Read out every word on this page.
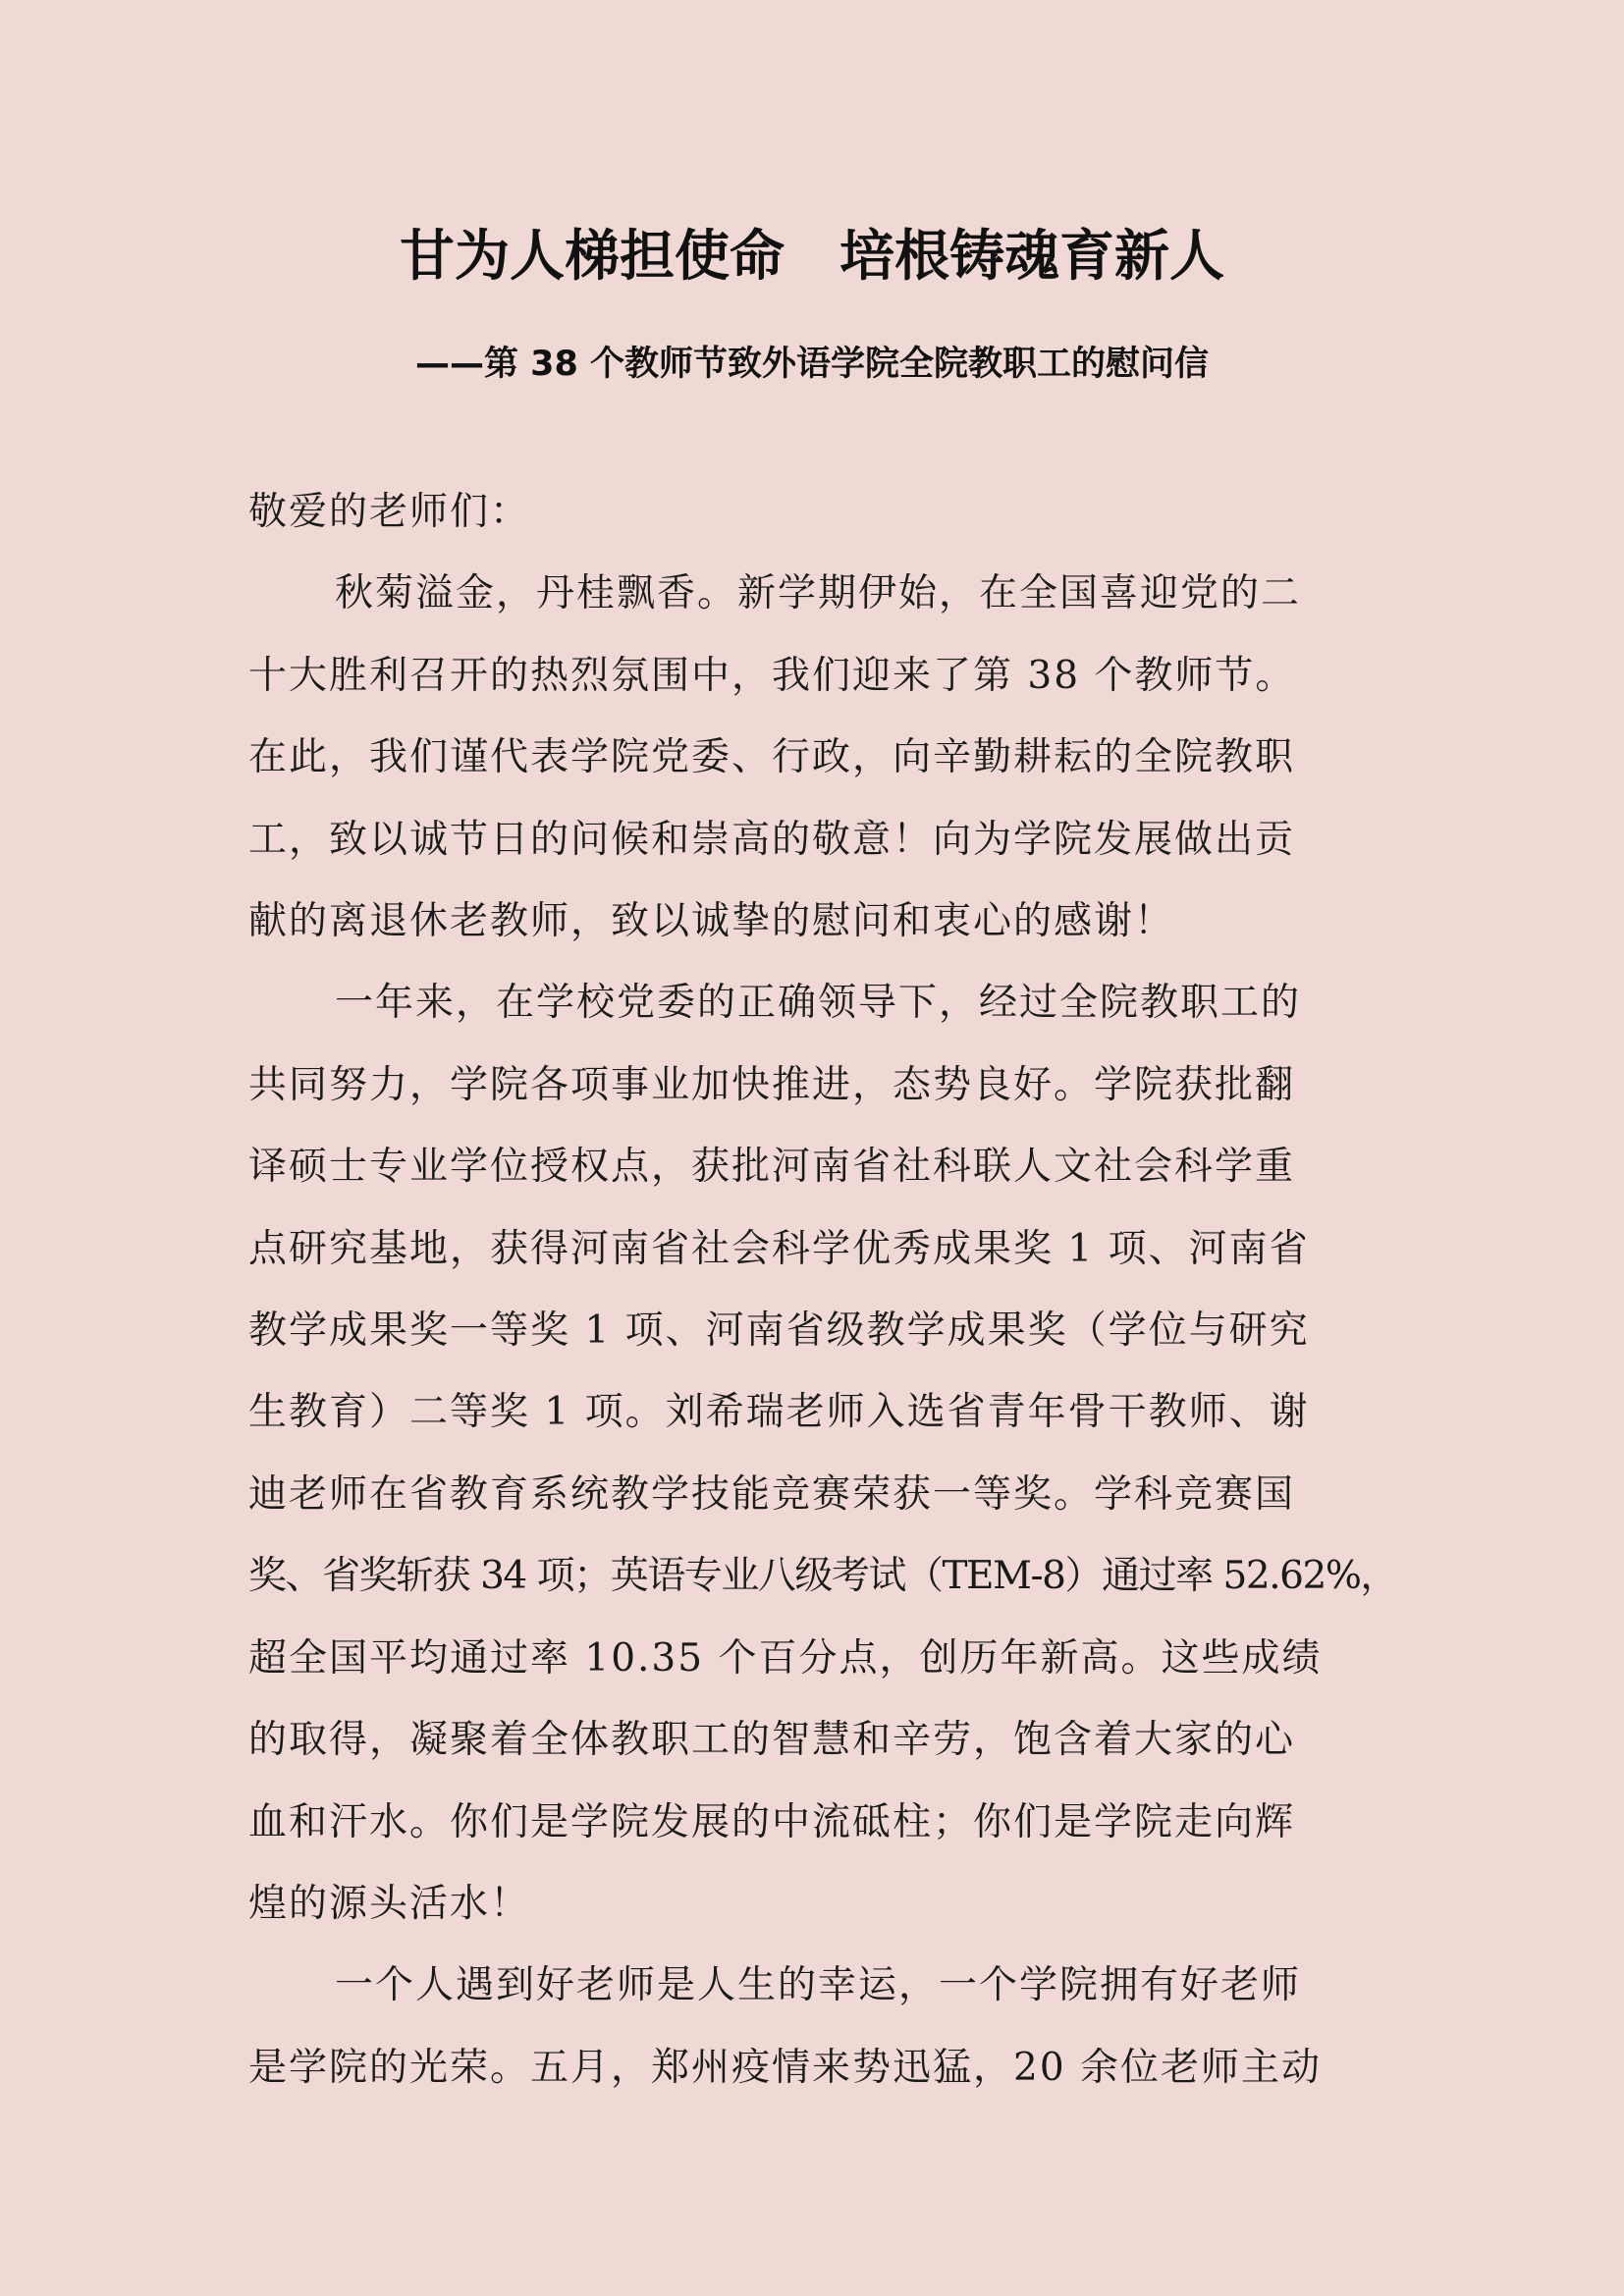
甘为人梯担使命　培根铸魂育新人
——第 38 个教师节致外语学院全院教职工的慰问信

敬爱的老师们：

秋菊溢金，丹桂飘香。新学期伊始，在全国喜迎党的二

十大胜利召开的热烈氛围中，我们迎来了第 38 个教师节。

在此，我们谨代表学院党委、行政，向辛勤耕耘的全院教职

工，致以诚节日的问候和崇高的敬意！向为学院发展做出贡

献的离退休老教师，致以诚挚的慰问和衷心的感谢！

一年来，在学校党委的正确领导下，经过全院教职工的

共同努力，学院各项事业加快推进，态势良好。学院获批翻

译硕士专业学位授权点，获批河南省社科联人文社会科学重

点研究基地，获得河南省社会科学优秀成果奖 1 项、河南省

教学成果奖一等奖 1 项、河南省级教学成果奖（学位与研究

生教育）二等奖 1 项。刘希瑞老师入选省青年骨干教师、谢

迪老师在省教育系统教学技能竞赛荣获一等奖。学科竞赛国

奖、省奖斩获 34 项；英语专业八级考试（TEM-8）通过率 52.62%，

超全国平均通过率 10.35 个百分点，创历年新高。这些成绩

的取得，凝聚着全体教职工的智慧和辛劳，饱含着大家的心

血和汗水。你们是学院发展的中流砥柱；你们是学院走向辉

煌的源头活水！

一个人遇到好老师是人生的幸运，一个学院拥有好老师

是学院的光荣。五月，郑州疫情来势迅猛，20 余位老师主动
